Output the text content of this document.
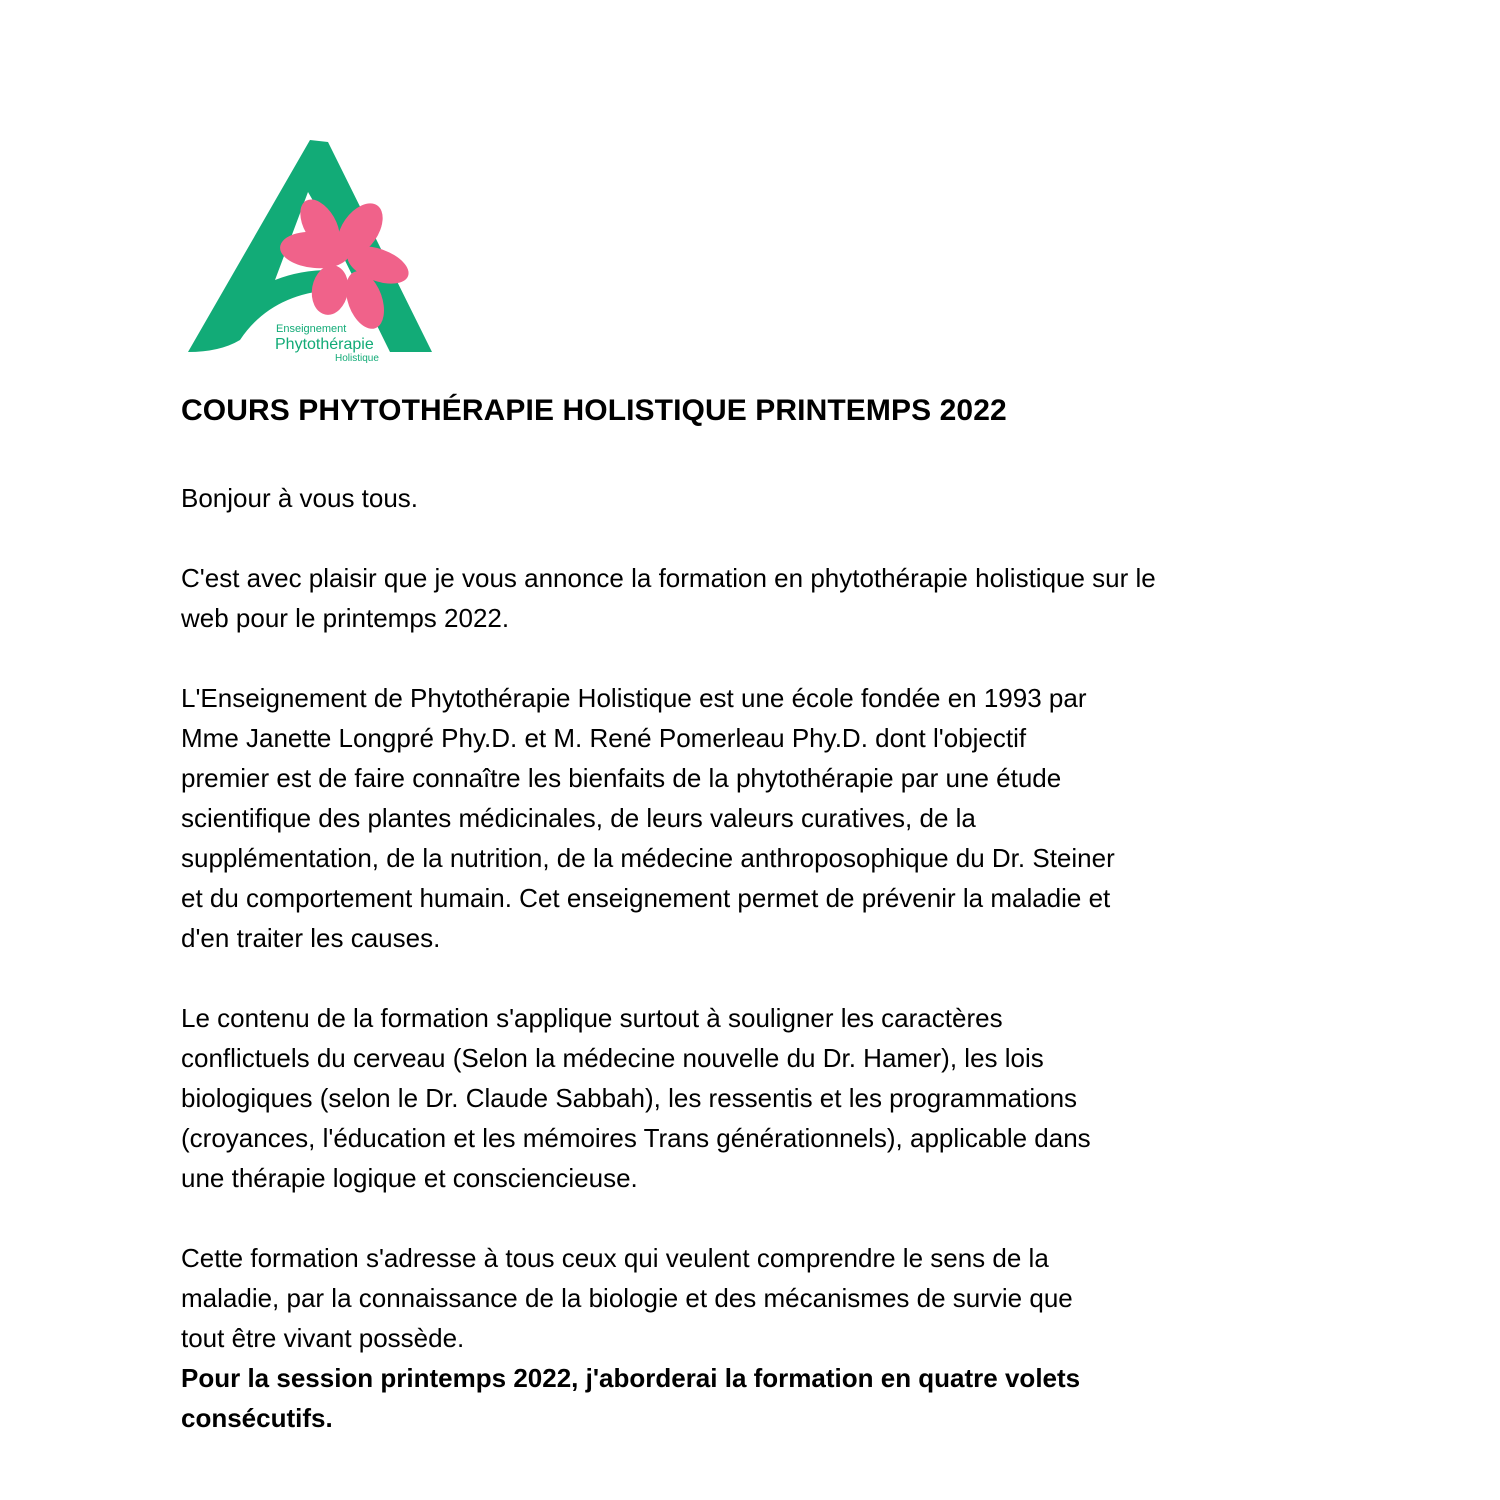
Enseignement
Phytothérapie
Holistique
COURS PHYTOTHÉRAPIE HOLISTIQUE PRINTEMPS 2022
Bonjour à vous tous.
C'est avec plaisir que je vous annonce la formation en phytothérapie holistique sur le
web pour le printemps 2022.
L'Enseignement de Phytothérapie Holistique est une école fondée en 1993 par
Mme Janette Longpré Phy.D. et M. René Pomerleau Phy.D. dont l'objectif
premier est de faire connaître les bienfaits de la phytothérapie par une étude
scientifique des plantes médicinales, de leurs valeurs curatives, de la
supplémentation, de la nutrition, de la médecine anthroposophique du Dr. Steiner
et du comportement humain. Cet enseignement permet de prévenir la maladie et
d'en traiter les causes.
Le contenu de la formation s'applique surtout à souligner les caractères
conflictuels du cerveau (Selon la médecine nouvelle du Dr. Hamer), les lois
biologiques (selon le Dr. Claude Sabbah), les ressentis et les programmations
(croyances, l'éducation et les mémoires Trans générationnels), applicable dans
une thérapie logique et consciencieuse.
Cette formation s'adresse à tous ceux qui veulent comprendre le sens de la
maladie, par la connaissance de la biologie et des mécanismes de survie que
tout être vivant possède.
Pour la session printemps 2022, j'aborderai la formation en quatre volets
consécutifs.
